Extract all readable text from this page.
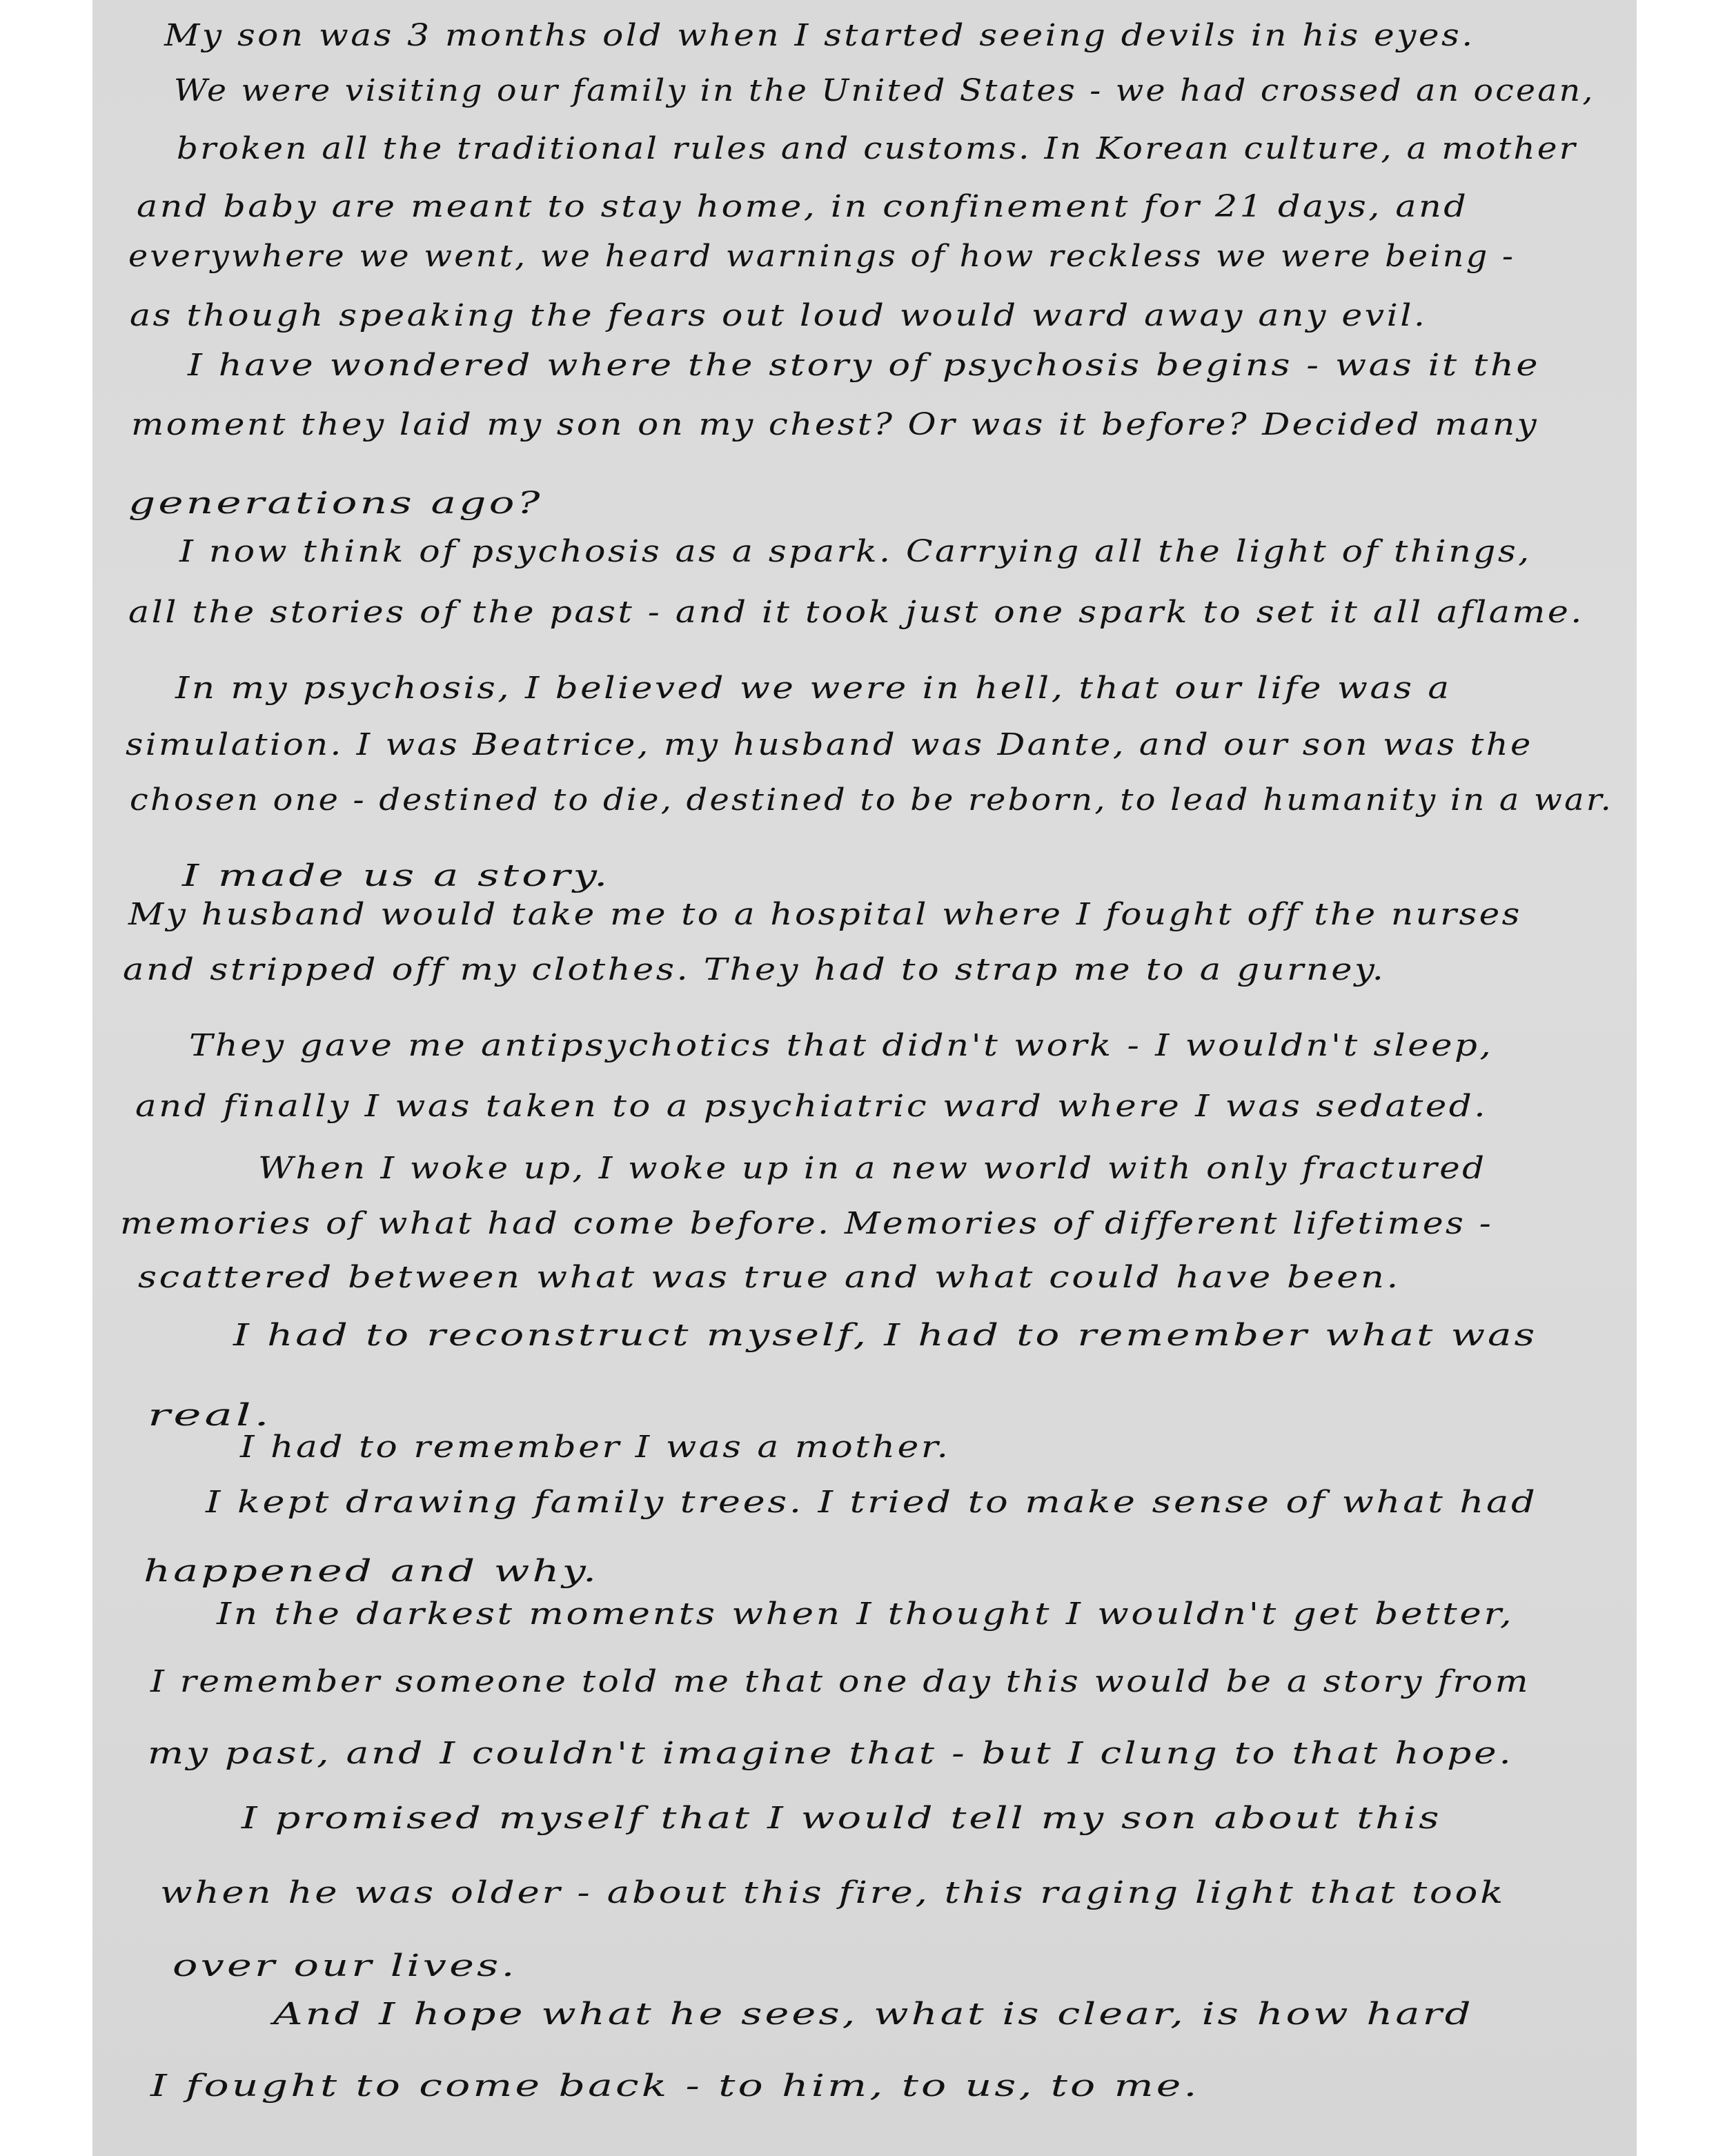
My son was 3 months old when I started seeing devils in his eyes.
We were visiting our family in the United States - we had crossed an ocean,
broken all the traditional rules and customs. In Korean culture, a mother
and baby are meant to stay home, in confinement for 21 days, and
everywhere we went, we heard warnings of how reckless we were being -
as though speaking the fears out loud would ward away any evil.
I have wondered where the story of psychosis begins - was it the
moment they laid my son on my chest? Or was it before? Decided many
generations ago?
I now think of psychosis as a spark. Carrying all the light of things,
all the stories of the past - and it took just one spark to set it all aflame.
In my psychosis, I believed we were in hell, that our life was a
simulation. I was Beatrice, my husband was Dante, and our son was the
chosen one - destined to die, destined to be reborn, to lead humanity in a war.
I made us a story.
My husband would take me to a hospital where I fought off the nurses
and stripped off my clothes. They had to strap me to a gurney.
They gave me antipsychotics that didn't work - I wouldn't sleep,
and finally I was taken to a psychiatric ward where I was sedated.
When I woke up, I woke up in a new world with only fractured
memories of what had come before. Memories of different lifetimes -
scattered between what was true and what could have been.
I had to reconstruct myself, I had to remember what was
real.
I had to remember I was a mother.
I kept drawing family trees. I tried to make sense of what had
happened and why.
In the darkest moments when I thought I wouldn't get better,
I remember someone told me that one day this would be a story from
my past, and I couldn't imagine that - but I clung to that hope.
I promised myself that I would tell my son about this
when he was older - about this fire, this raging light that took
over our lives.
And I hope what he sees, what is clear, is how hard
I fought to come back - to him, to us, to me.
